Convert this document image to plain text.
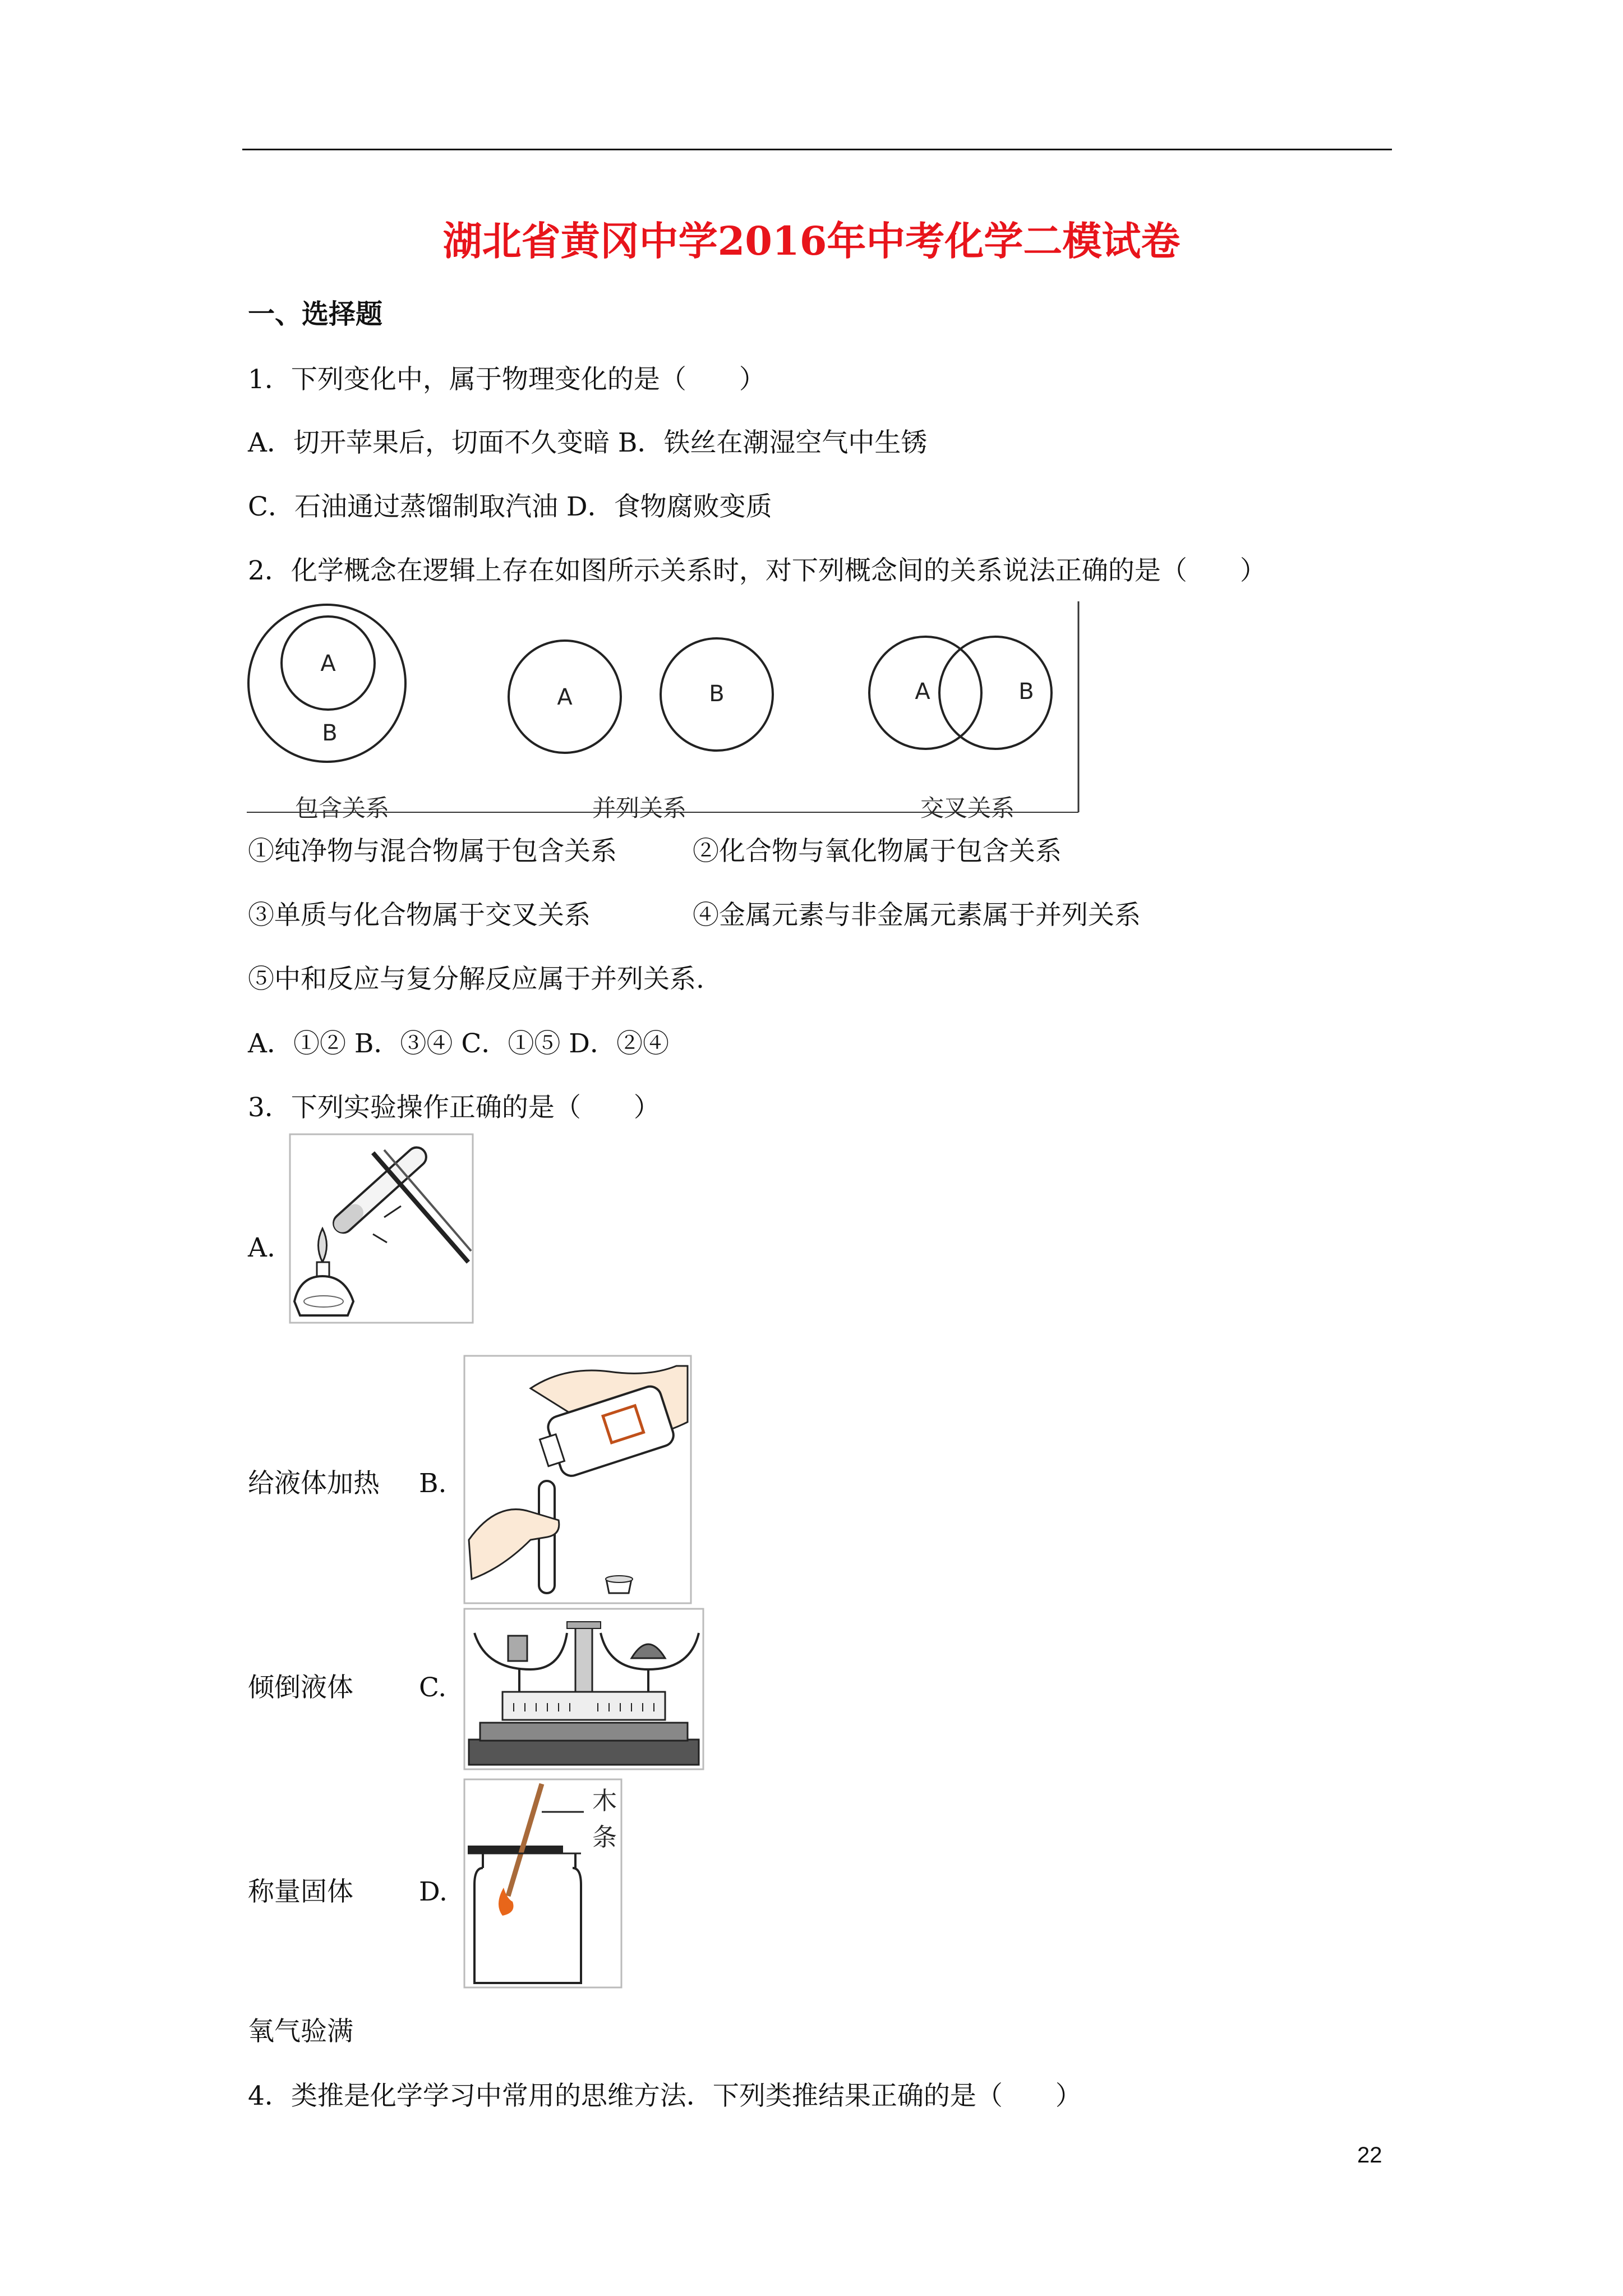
湖北省黄冈中学2016年中考化学二模试卷
一、选择题
1．下列变化中，属于物理变化的是（　　）
A．切开苹果后，切面不久变暗 B．铁丝在潮湿空气中生锈
C．石油通过蒸馏制取汽油 D．食物腐败变质
2．化学概念在逻辑上存在如图所示关系时，对下列概念间的关系说法正确的是（　　）
A
B
包含关系
A	B
并列关系
A	B
交叉关系
①纯净物与混合物属于包含关系	②化合物与氧化物属于包含关系
③单质与化合物属于交叉关系	④金属元素与非金属元素属于并列关系
⑤中和反应与复分解反应属于并列关系.
A．①② B．③④ C．①⑤ D．②④
3．下列实验操作正确的是（　　）
A.
给液体加热 B.
倾倒液体 C.
称量固体 D.
木
条
氧气验满
4．类推是化学学习中常用的思维方法．下列类推结果正确的是（　　）
22
